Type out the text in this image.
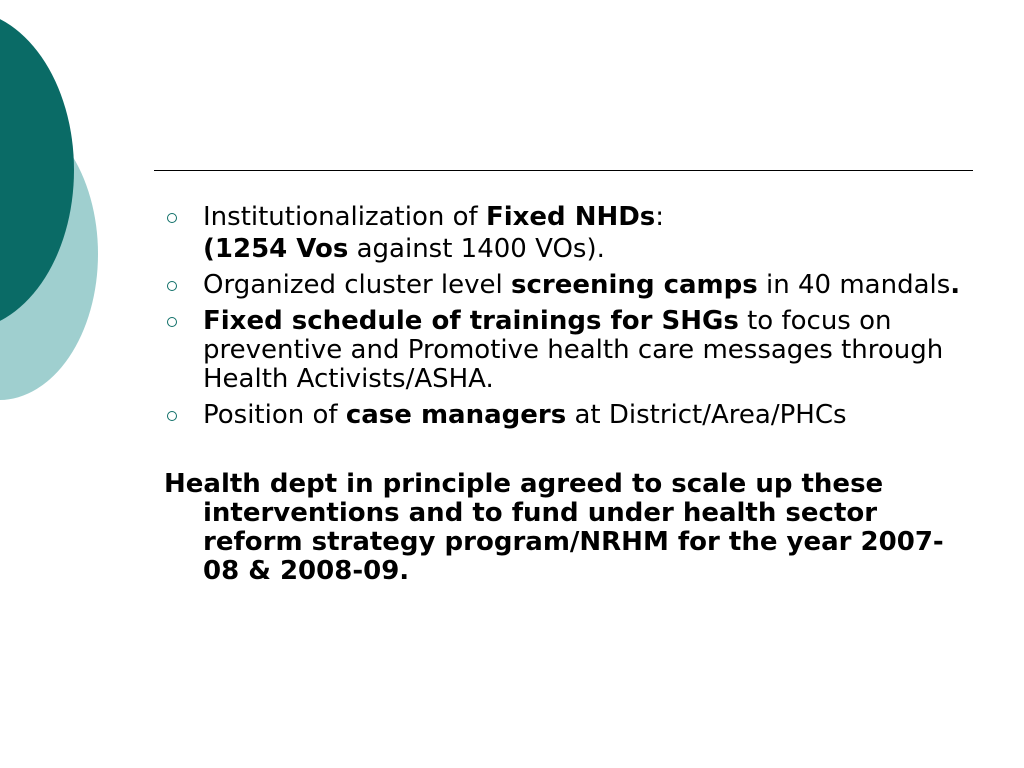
Institutionalization of Fixed NHDs:
(1254 Vos against 1400 VOs).
Organized cluster level screening camps in 40 mandals.
Fixed schedule of trainings for SHGs to focus on preventive and Promotive health care messages through Health Activists/ASHA.
Position of case managers at District/Area/PHCs
Health dept in principle agreed to scale up these interventions and to fund under health sector reform strategy program/NRHM for the year 2007-08 & 2008-09.
